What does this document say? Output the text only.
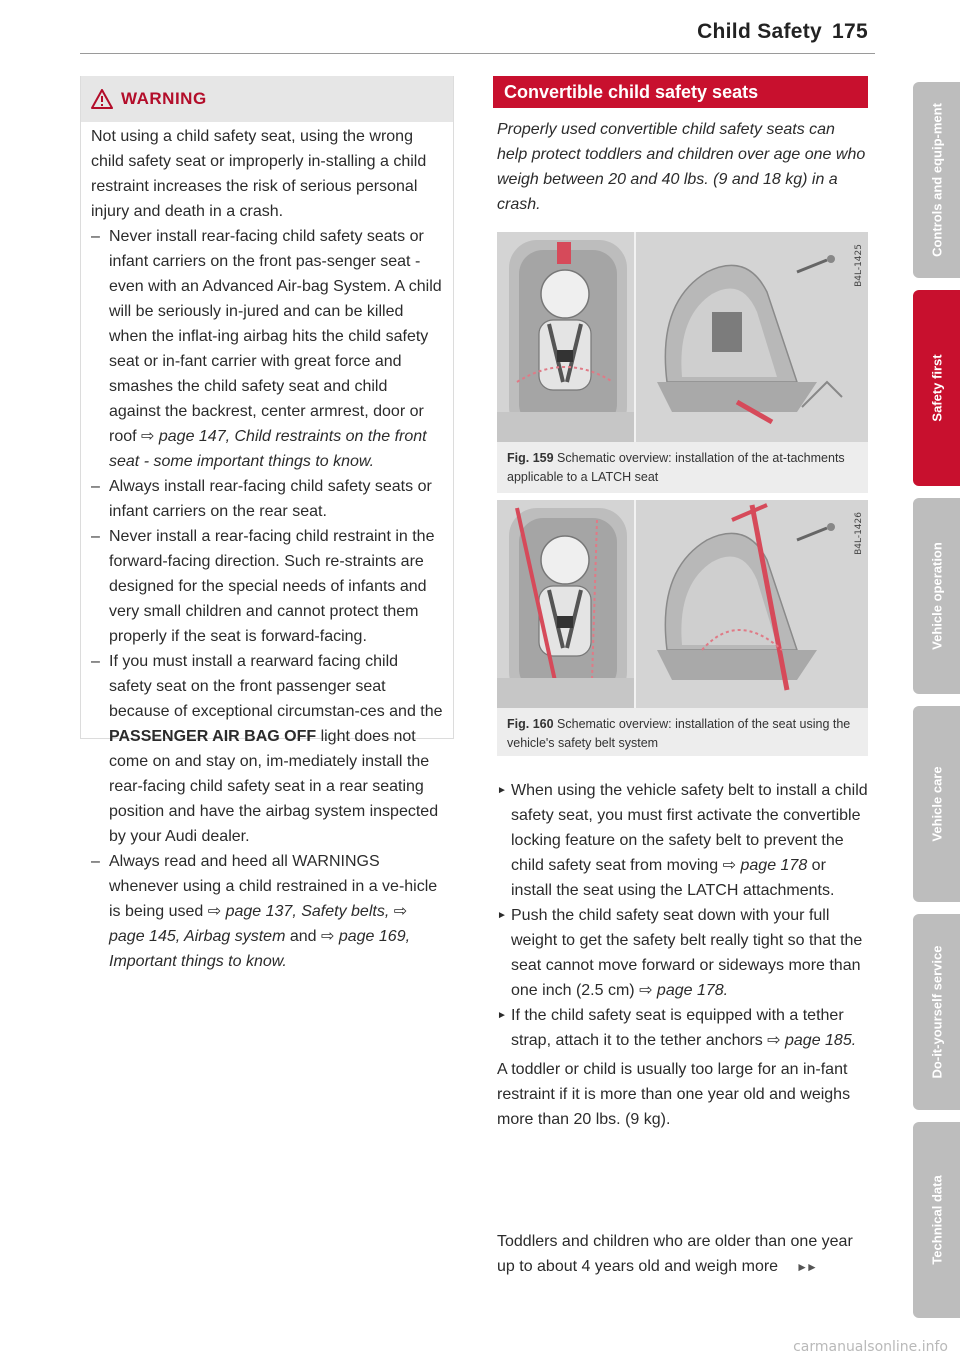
Child Safety 175
WARNING

Not using a child safety seat, using the wrong child safety seat or improperly in-stalling a child restraint increases the risk of serious personal injury and death in a crash.

– Never install rear-facing child safety seats or infant carriers on the front pas-senger seat - even with an Advanced Air-bag System. A child will be seriously in-jured and can be killed when the inflat-ing airbag hits the child safety seat or in-fant carrier with great force and smashes the child safety seat and child against the backrest, center armrest, door or roof ⇨ page 147, Child restraints on the front seat - some important things to know.
– Always install rear-facing child safety seats or infant carriers on the rear seat.
– Never install a rear-facing child restraint in the forward-facing direction. Such re-straints are designed for the special needs of infants and very small children and cannot protect them properly if the seat is forward-facing.
– If you must install a rearward facing child safety seat on the front passenger seat because of exceptional circumstan-ces and the PASSENGER AIR BAG OFF light does not come on and stay on, im-mediately install the rear-facing child safety seat in a rear seating position and have the airbag system inspected by your Audi dealer.
– Always read and heed all WARNINGS whenever using a child restrained in a ve-hicle is being used ⇨ page 137, Safety belts, ⇨ page 145, Airbag system and ⇨ page 169, Important things to know.
Convertible child safety seats

Properly used convertible child safety seats can help protect toddlers and children over age one who weigh between 20 and 40 lbs. (9 and 18 kg) in a crash.

B4L-1425
Fig. 159 Schematic overview: installation of the at-tachments applicable to a LATCH seat
B4L-1426
Fig. 160 Schematic overview: installation of the seat using the vehicle's safety belt system
► When using the vehicle safety belt to install a child safety seat, you must first activate the convertible locking feature on the safety belt to prevent the child safety seat from moving ⇨ page 178 or install the seat using the LATCH attachments.
► Push the child safety seat down with your full weight to get the safety belt really tight so that the seat cannot move forward or sideways more than one inch (2.5 cm) ⇨ page 178.
► If the child safety seat is equipped with a tether strap, attach it to the tether anchors ⇨ page 185.

A toddler or child is usually too large for an in-fant restraint if it is more than one year old and weighs more than 20 lbs. (9 kg).

Toddlers and children who are older than one year up to about 4 years old and weigh more ►►

Controls and equip-ment
Safety first
Vehicle operation
Vehicle care
Do-it-yourself service
Technical data
carmanualsonline.info
